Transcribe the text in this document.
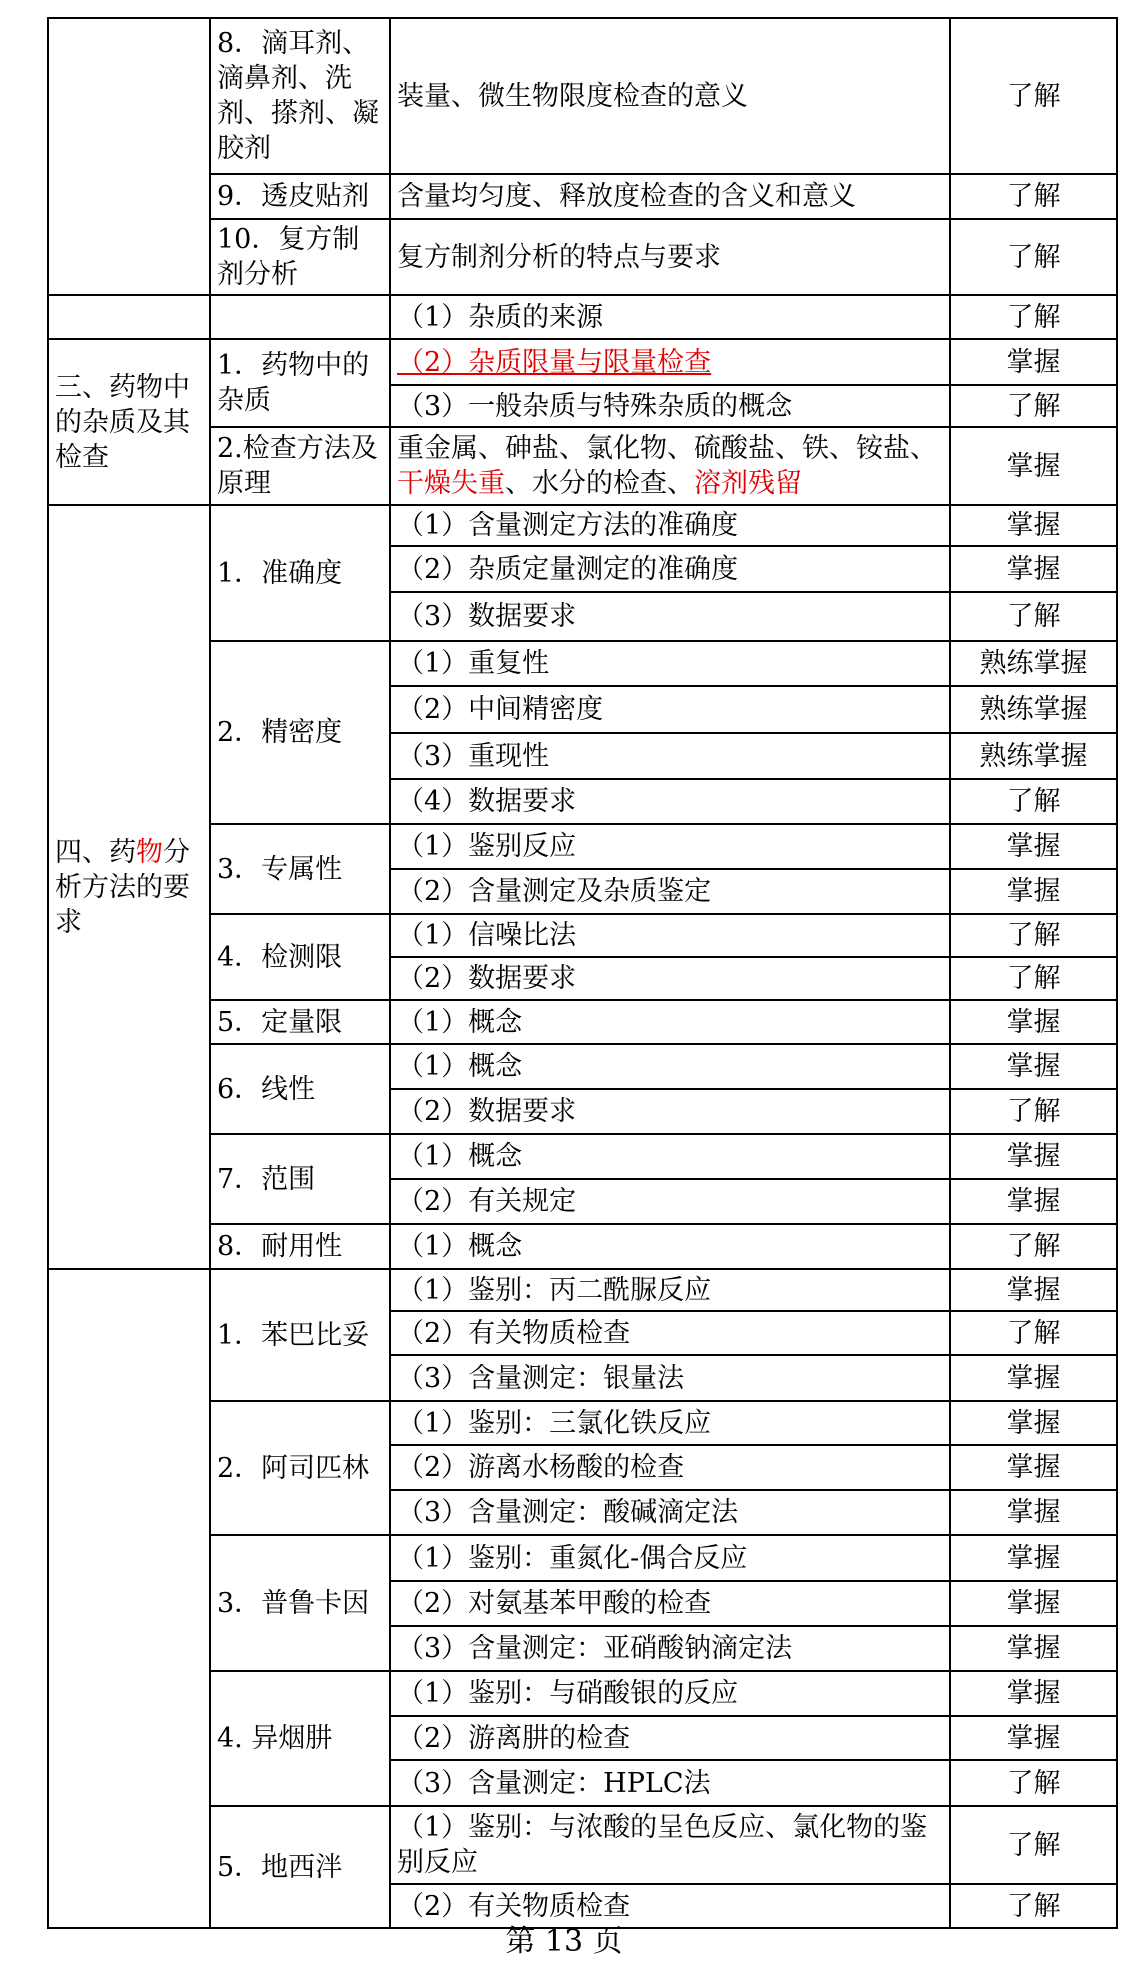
	8．滴耳剂、滴鼻剂、洗剂、搽剂、凝胶剂	装量、微生物限度检查的意义	了解
	9．透皮贴剂	含量均匀度、释放度检查的含义和意义	了解
	10．复方制剂分析	复方制剂分析的特点与要求	了解
		（1）杂质的来源	了解
三、药物中的杂质及其检查	1．药物中的杂质	（2）杂质限量与限量检查	掌握
		（3）一般杂质与特殊杂质的概念	了解
	2.检查方法及原理	重金属、砷盐、氯化物、硫酸盐、铁、铵盐、干燥失重、水分的检查、溶剂残留	掌握
四、药物分析方法的要求	1．准确度	（1）含量测定方法的准确度	掌握
		（2）杂质定量测定的准确度	掌握
		（3）数据要求	了解
	2．精密度	（1）重复性	熟练掌握
		（2）中间精密度	熟练掌握
		（3）重现性	熟练掌握
		（4）数据要求	了解
	3．专属性	（1）鉴别反应	掌握
		（2）含量测定及杂质鉴定	掌握
	4．检测限	（1）信噪比法	了解
		（2）数据要求	了解
	5．定量限	（1）概念	掌握
	6．线性	（1）概念	掌握
		（2）数据要求	了解
	7．范围	（1）概念	掌握
		（2）有关规定	掌握
	8．耐用性	（1）概念	了解
	1．苯巴比妥	（1）鉴别：丙二酰脲反应	掌握
		（2）有关物质检查	了解
		（3）含量测定：银量法	掌握
	2．阿司匹林	（1）鉴别：三氯化铁反应	掌握
		（2）游离水杨酸的检查	掌握
		（3）含量测定：酸碱滴定法	掌握
	3．普鲁卡因	（1）鉴别：重氮化-偶合反应	掌握
		（2）对氨基苯甲酸的检查	掌握
		（3）含量测定：亚硝酸钠滴定法	掌握
	4. 异烟肼	（1）鉴别：与硝酸银的反应	掌握
		（2）游离肼的检查	掌握
		（3）含量测定：HPLC法	了解
	5．地西泮	（1）鉴别：与浓酸的呈色反应、氯化物的鉴别反应	了解
		（2）有关物质检查	了解
第 13 页
